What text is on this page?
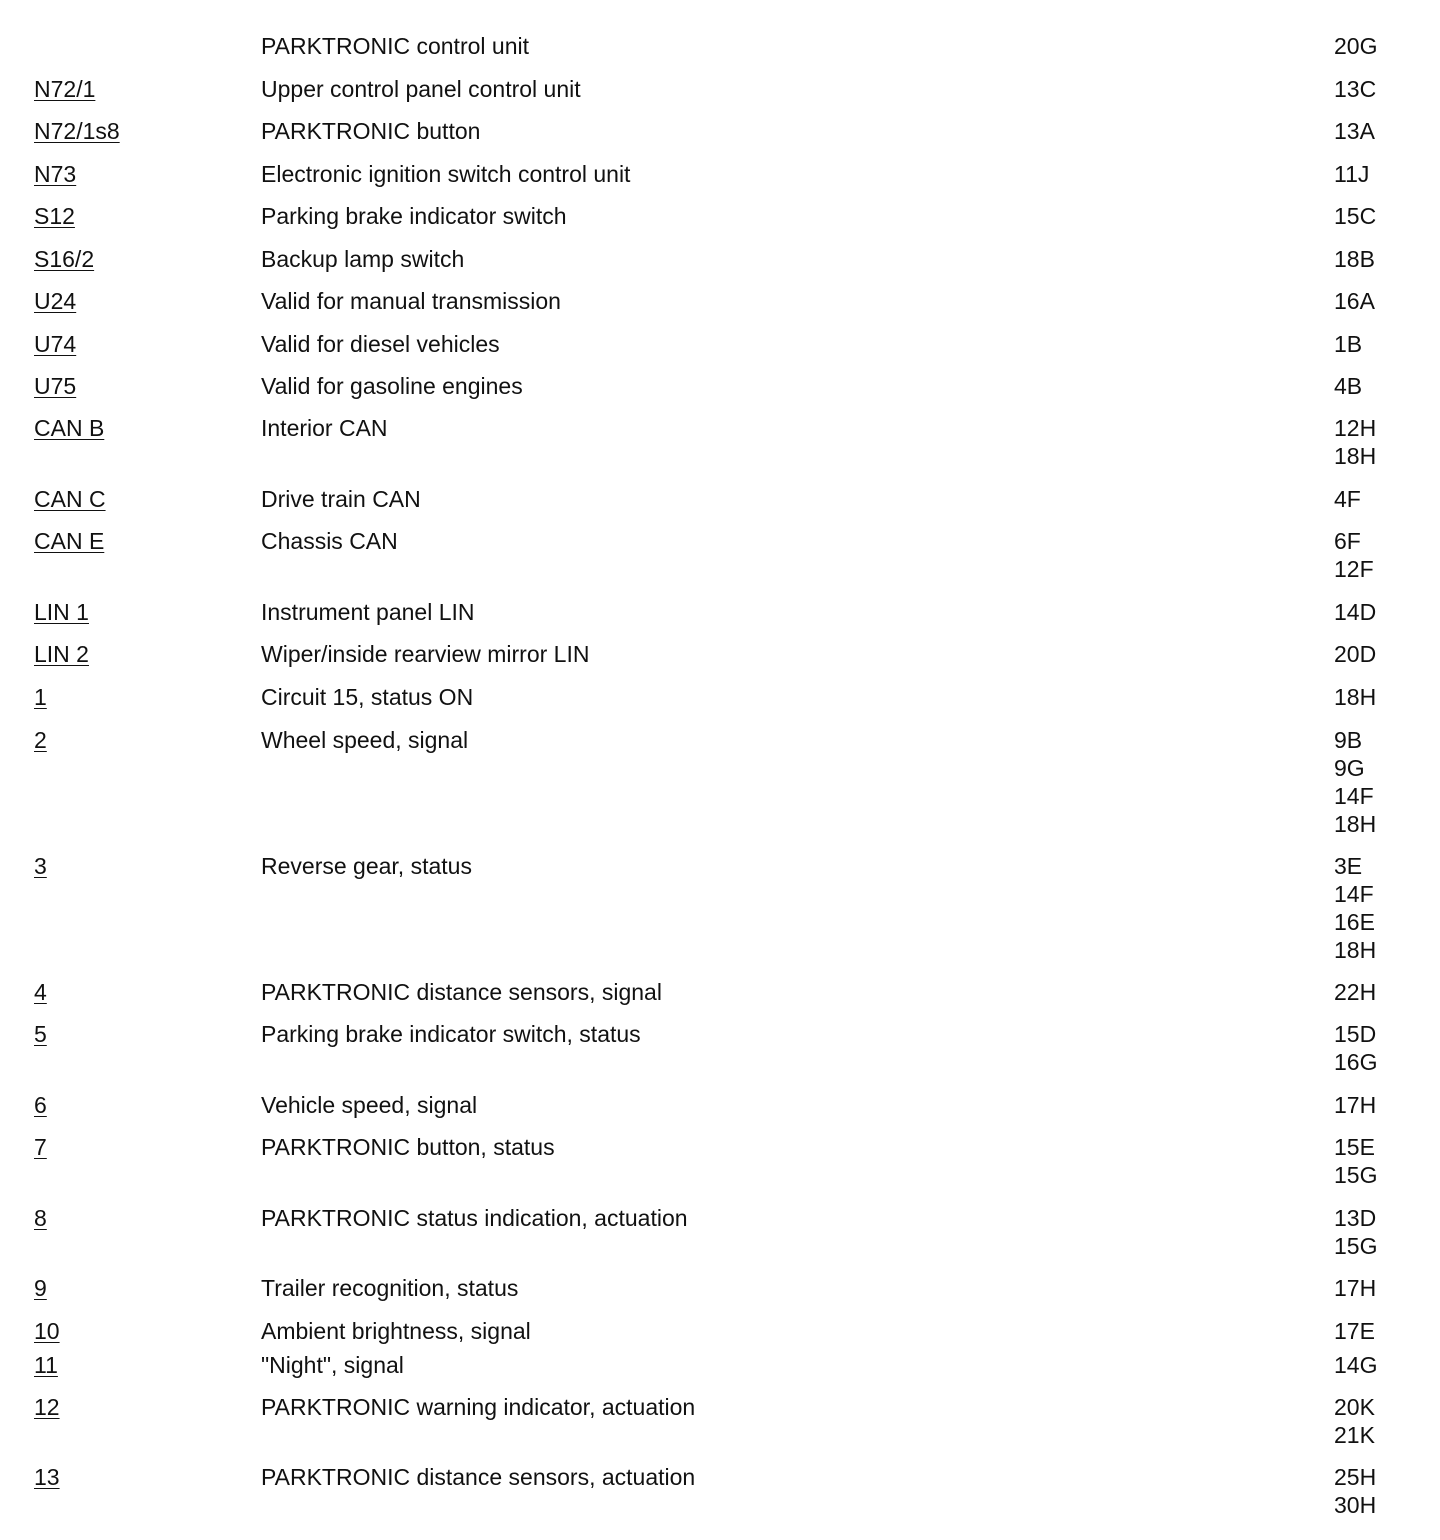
PARKTRONIC control unit	20G
N72/1	Upper control panel control unit	13C
N72/1s8	PARKTRONIC button	13A
N73	Electronic ignition switch control unit	11J
S12	Parking brake indicator switch	15C
S16/2	Backup lamp switch	18B
U24	Valid for manual transmission	16A
U74	Valid for diesel vehicles	1B
U75	Valid for gasoline engines	4B
CAN B	Interior CAN	12H
18H
CAN C	Drive train CAN	4F
CAN E	Chassis CAN	6F
12F
LIN 1	Instrument panel LIN	14D
LIN 2	Wiper/inside rearview mirror LIN	20D
1	Circuit 15, status ON	18H
2	Wheel speed, signal	9B
9G
14F
18H
3	Reverse gear, status	3E
14F
16E
18H
4	PARKTRONIC distance sensors, signal	22H
5	Parking brake indicator switch, status	15D
16G
6	Vehicle speed, signal	17H
7	PARKTRONIC button, status	15E
15G
8	PARKTRONIC status indication, actuation	13D
15G
9	Trailer recognition, status	17H
10	Ambient brightness, signal	17E
11	"Night", signal	14G
12	PARKTRONIC warning indicator, actuation	20K
21K
13	PARKTRONIC distance sensors, actuation	25H
30H
